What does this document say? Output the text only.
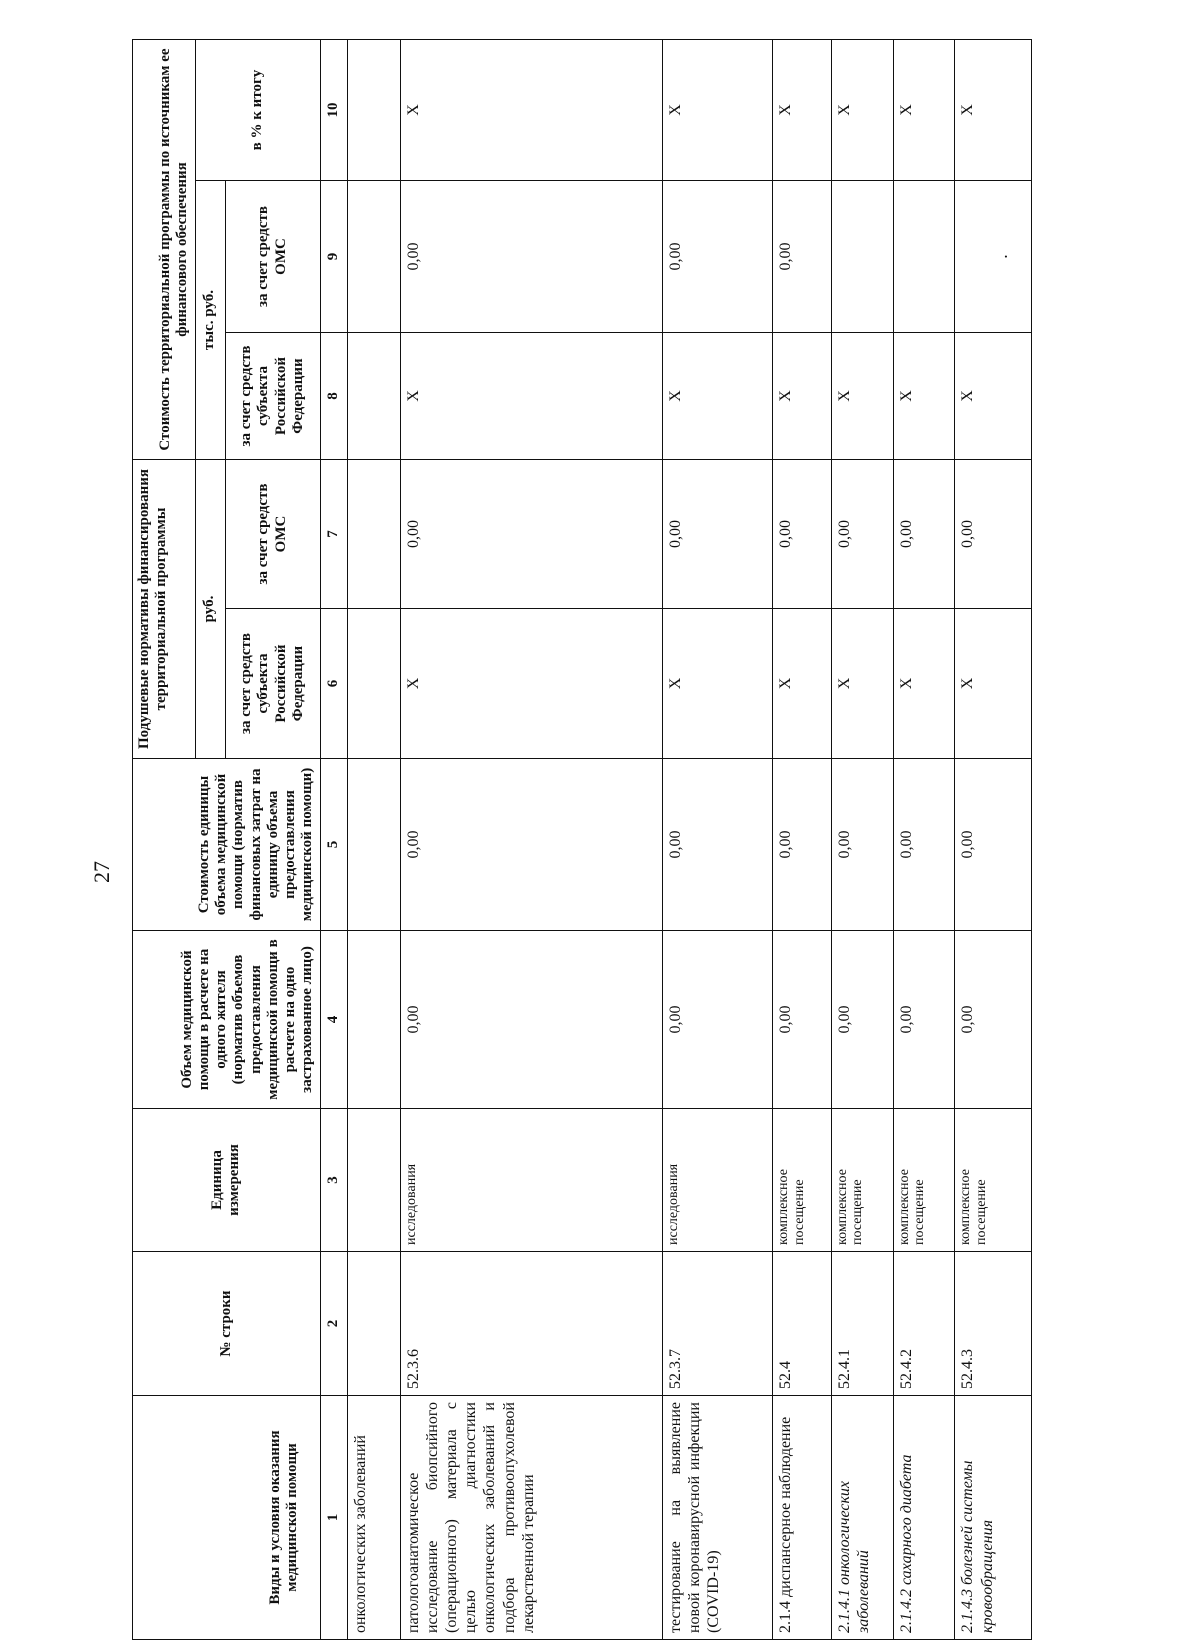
27
Виды и условия оказания медицинской помощи	№ строки	Единица измерения	Объем медицинской помощи в расчете на одного жителя (норматив объемов предоставления медицинской помощи в расчете на одно застрахованное лицо)	Стоимость единицы объема медицинской помощи (норматив финансовых затрат на единицу объема предоставления медицинской помощи)	Подушевые нормативы финансирования территориальной программы		Стоимость территориальной программы по источникам ее финансового обеспечения		
					руб.		тыс. руб.		в % к итогу
					за счет средств субъекта Российской Федерации	за счет средств ОМС	за счет средств субъекта Российской Федерации	за счет средств ОМС	
1	2	3	4	5	6	7	8	9	10
онкологических заболеваний									
патологоанатомическое исследование биопсийного (операционного) материала с целью диагностики онкологических заболеваний и подбора противоопухолевой лекарственной терапии	52.3.6	исследования	0,00	0,00	Х	0,00	Х	0,00	Х
тестирование на выявление новой коронавирусной инфекции (COVID-19)	52.3.7	исследования	0,00	0,00	Х	0,00	Х	0,00	Х
2.1.4 диспансерное наблюдение	52.4	комплексное посещение	0,00	0,00	Х	0,00	Х	0,00	Х
2.1.4.1 онкологических заболеваний	52.4.1	комплексное посещение	0,00	0,00	Х	0,00	Х		Х
2.1.4.2 сахарного диабета	52.4.2	комплексное посещение	0,00	0,00	Х	0,00	Х		Х
2.1.4.3 болезней системы кровообращения	52.4.3	комплексное посещение	0,00	0,00	Х	0,00	Х	.	Х
